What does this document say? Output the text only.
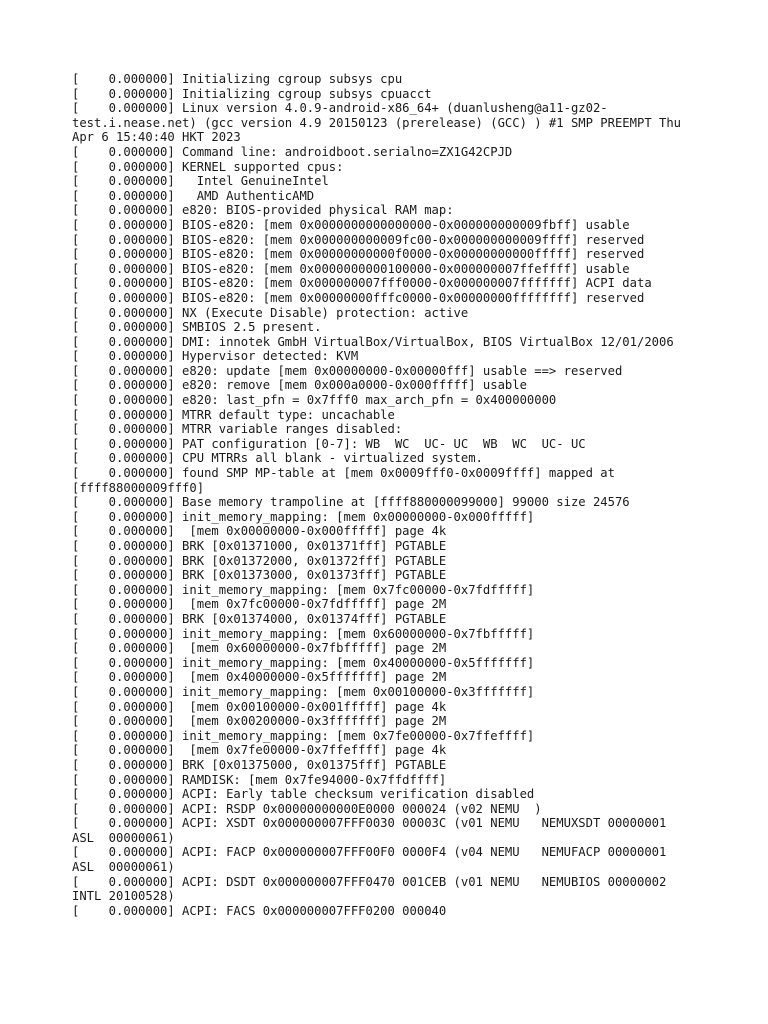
[    0.000000] Initializing cgroup subsys cpu
[    0.000000] Initializing cgroup subsys cpuacct
[    0.000000] Linux version 4.0.9-android-x86_64+ (duanlusheng@a11-gz02-
test.i.nease.net) (gcc version 4.9 20150123 (prerelease) (GCC) ) #1 SMP PREEMPT Thu
Apr 6 15:40:40 HKT 2023
[    0.000000] Command line: androidboot.serialno=ZX1G42CPJD
[    0.000000] KERNEL supported cpus:
[    0.000000]   Intel GenuineIntel
[    0.000000]   AMD AuthenticAMD
[    0.000000] e820: BIOS-provided physical RAM map:
[    0.000000] BIOS-e820: [mem 0x0000000000000000-0x000000000009fbff] usable
[    0.000000] BIOS-e820: [mem 0x000000000009fc00-0x000000000009ffff] reserved
[    0.000000] BIOS-e820: [mem 0x00000000000f0000-0x00000000000fffff] reserved
[    0.000000] BIOS-e820: [mem 0x0000000000100000-0x000000007ffeffff] usable
[    0.000000] BIOS-e820: [mem 0x000000007fff0000-0x000000007fffffff] ACPI data
[    0.000000] BIOS-e820: [mem 0x00000000fffc0000-0x00000000ffffffff] reserved
[    0.000000] NX (Execute Disable) protection: active
[    0.000000] SMBIOS 2.5 present.
[    0.000000] DMI: innotek GmbH VirtualBox/VirtualBox, BIOS VirtualBox 12/01/2006
[    0.000000] Hypervisor detected: KVM
[    0.000000] e820: update [mem 0x00000000-0x00000fff] usable ==> reserved
[    0.000000] e820: remove [mem 0x000a0000-0x000fffff] usable
[    0.000000] e820: last_pfn = 0x7fff0 max_arch_pfn = 0x400000000
[    0.000000] MTRR default type: uncachable
[    0.000000] MTRR variable ranges disabled:
[    0.000000] PAT configuration [0-7]: WB  WC  UC- UC  WB  WC  UC- UC
[    0.000000] CPU MTRRs all blank - virtualized system.
[    0.000000] found SMP MP-table at [mem 0x0009fff0-0x0009ffff] mapped at
[ffff88000009fff0]
[    0.000000] Base memory trampoline at [ffff880000099000] 99000 size 24576
[    0.000000] init_memory_mapping: [mem 0x00000000-0x000fffff]
[    0.000000]  [mem 0x00000000-0x000fffff] page 4k
[    0.000000] BRK [0x01371000, 0x01371fff] PGTABLE
[    0.000000] BRK [0x01372000, 0x01372fff] PGTABLE
[    0.000000] BRK [0x01373000, 0x01373fff] PGTABLE
[    0.000000] init_memory_mapping: [mem 0x7fc00000-0x7fdfffff]
[    0.000000]  [mem 0x7fc00000-0x7fdfffff] page 2M
[    0.000000] BRK [0x01374000, 0x01374fff] PGTABLE
[    0.000000] init_memory_mapping: [mem 0x60000000-0x7fbfffff]
[    0.000000]  [mem 0x60000000-0x7fbfffff] page 2M
[    0.000000] init_memory_mapping: [mem 0x40000000-0x5fffffff]
[    0.000000]  [mem 0x40000000-0x5fffffff] page 2M
[    0.000000] init_memory_mapping: [mem 0x00100000-0x3fffffff]
[    0.000000]  [mem 0x00100000-0x001fffff] page 4k
[    0.000000]  [mem 0x00200000-0x3fffffff] page 2M
[    0.000000] init_memory_mapping: [mem 0x7fe00000-0x7ffeffff]
[    0.000000]  [mem 0x7fe00000-0x7ffeffff] page 4k
[    0.000000] BRK [0x01375000, 0x01375fff] PGTABLE
[    0.000000] RAMDISK: [mem 0x7fe94000-0x7ffdffff]
[    0.000000] ACPI: Early table checksum verification disabled
[    0.000000] ACPI: RSDP 0x00000000000E0000 000024 (v02 NEMU  )
[    0.000000] ACPI: XSDT 0x000000007FFF0030 00003C (v01 NEMU   NEMUXSDT 00000001
ASL  00000061)
[    0.000000] ACPI: FACP 0x000000007FFF00F0 0000F4 (v04 NEMU   NEMUFACP 00000001
ASL  00000061)
[    0.000000] ACPI: DSDT 0x000000007FFF0470 001CEB (v01 NEMU   NEMUBIOS 00000002
INTL 20100528)
[    0.000000] ACPI: FACS 0x000000007FFF0200 000040
